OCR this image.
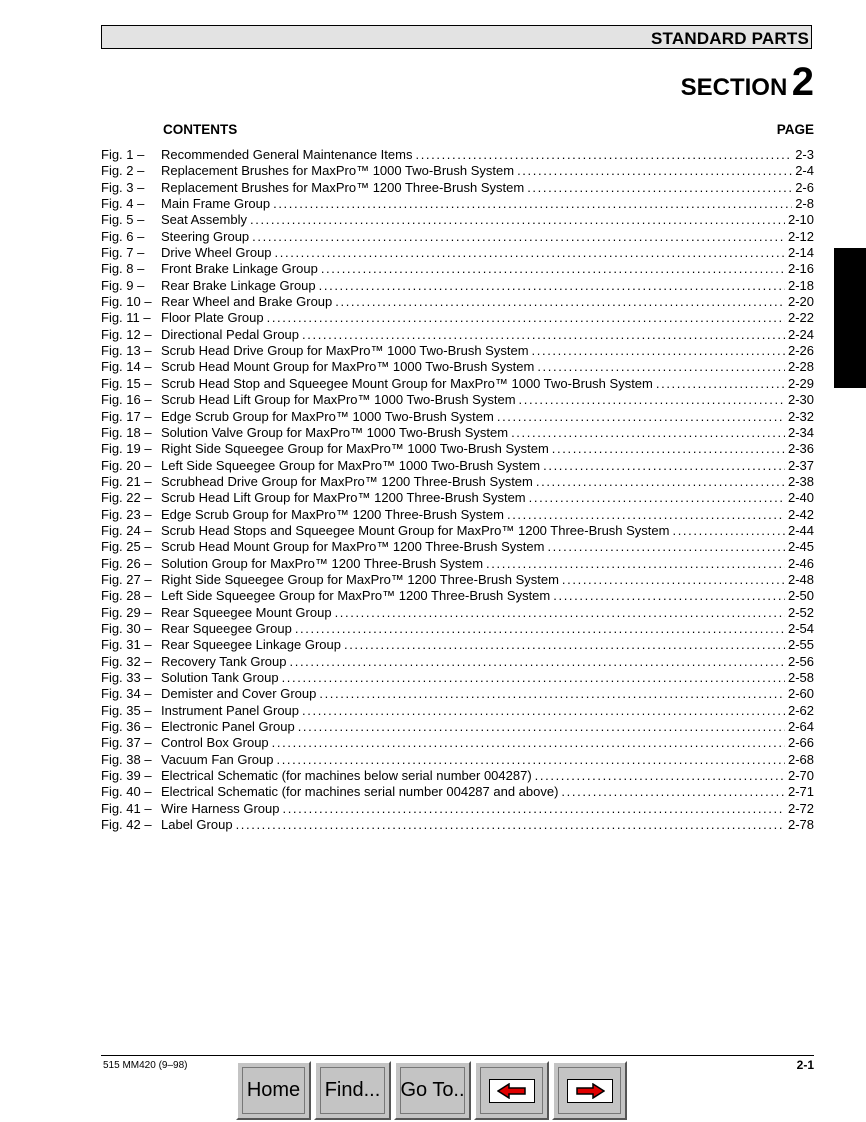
STANDARD PARTS
SECTION 2
CONTENTS	PAGE
Fig. 1 –	Recommended General Maintenance Items . . .	2-3
Fig. 2 –	Replacement Brushes for MaxPro™ 1000 Two-Brush System . . .	2-4
Fig. 3 –	Replacement Brushes for MaxPro™ 1200 Three-Brush System . . .	2-6
Fig. 4 –	Main Frame Group . . .	2-8
Fig. 5 –	Seat Assembly . . .	2-10
Fig. 6 –	Steering Group . . .	2-12
Fig. 7 –	Drive Wheel Group . . .	2-14
Fig. 8 –	Front Brake Linkage Group . . .	2-16
Fig. 9 –	Rear Brake Linkage Group . . .	2-18
Fig. 10 – Rear Wheel and Brake Group . . .	2-20
Fig. 11 – Floor Plate Group . . .	2-22
Fig. 12 – Directional Pedal Group . . .	2-24
Fig. 13 – Scrub Head Drive Group for MaxPro™ 1000 Two-Brush System . . .	2-26
Fig. 14 – Scrub Head Mount Group for MaxPro™ 1000 Two-Brush System . . .	2-28
Fig. 15 – Scrub Head Stop and Squeegee Mount Group for MaxPro™ 1000 Two-Brush System . . .	2-29
Fig. 16 – Scrub Head Lift Group for MaxPro™ 1000 Two-Brush System . . .	2-30
Fig. 17 – Edge Scrub Group for MaxPro™ 1000 Two-Brush System . . .	2-32
Fig. 18 – Solution Valve Group for MaxPro™ 1000 Two-Brush System . . .	2-34
Fig. 19 – Right Side Squeegee Group for MaxPro™ 1000 Two-Brush System . . .	2-36
Fig. 20 – Left Side Squeegee Group for MaxPro™ 1000 Two-Brush System . . .	2-37
Fig. 21 – Scrubhead Drive Group for MaxPro™ 1200 Three-Brush System . . .	2-38
Fig. 22 – Scrub Head Lift Group for MaxPro™ 1200 Three-Brush System . . .	2-40
Fig. 23 – Edge Scrub Group for MaxPro™ 1200 Three-Brush System . . .	2-42
Fig. 24 – Scrub Head Stops and Squeegee Mount Group for MaxPro™ 1200 Three-Brush System . . .	2-44
Fig. 25 – Scrub Head Mount Group for MaxPro™ 1200 Three-Brush System . . .	2-45
Fig. 26 – Solution Group for MaxPro™ 1200 Three-Brush System . . .	2-46
Fig. 27 – Right Side Squeegee Group for MaxPro™ 1200 Three-Brush System . . .	2-48
Fig. 28 – Left Side Squeegee Group for MaxPro™ 1200 Three-Brush System . . .	2-50
Fig. 29 – Rear Squeegee Mount Group . . .	2-52
Fig. 30 – Rear Squeegee Group . . .	2-54
Fig. 31 – Rear Squeegee Linkage Group . . .	2-55
Fig. 32 – Recovery Tank Group . . .	2-56
Fig. 33 – Solution Tank Group . . .	2-58
Fig. 34 – Demister and Cover Group . . .	2-60
Fig. 35 – Instrument Panel Group . . .	2-62
Fig. 36 – Electronic Panel Group . . .	2-64
Fig. 37 – Control Box Group . . .	2-66
Fig. 38 – Vacuum Fan Group . . .	2-68
Fig. 39 – Electrical Schematic (for machines below serial number 004287) . . .	2-70
Fig. 40 – Electrical Schematic (for machines serial number 004287 and above) . . .	2-71
Fig. 41 – Wire Harness Group . . .	2-72
Fig. 42 – Label Group . . .	2-78
515 MM420 (9–98)	2-1
Home Find... Go To..
